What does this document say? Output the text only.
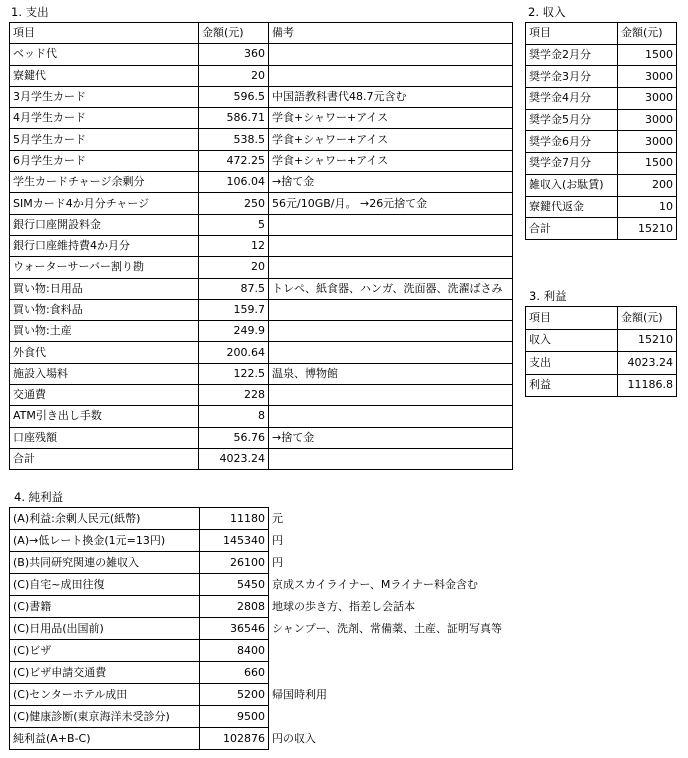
1. 支出
項目	金額(元)	備考
ベッド代	360	
寮鍵代	20	
3月学生カード	596.5	中国語教科書代48.7元含む
4月学生カード	586.71	学食+シャワー+アイス
5月学生カード	538.5	学食+シャワー+アイス
6月学生カード	472.25	学食+シャワー+アイス
学生カードチャージ余剰分	106.04	→捨て金
SIMカード4か月分チャージ	250	56元/10GB/月。 →26元捨て金
銀行口座開設料金	5	
銀行口座維持費4か月分	12	
ウォーターサーバー割り勘	20	
買い物:日用品	87.5	トレペ、紙食器、ハンガ、洗面器、洗濯ばさみ
買い物:食料品	159.7	
買い物:土産	249.9	
外食代	200.64	
施設入場料	122.5	温泉、博物館
交通費	228	
ATM引き出し手数	8	
口座残額	56.76	→捨て金
合計	4023.24	
2. 収入
項目	金額(元)
奨学金2月分	1500
奨学金3月分	3000
奨学金4月分	3000
奨学金5月分	3000
奨学金6月分	3000
奨学金7月分	1500
雑収入(お駄賃)	200
寮鍵代返金	10
合計	15210
3. 利益
項目	金額(元)
収入	15210
支出	4023.24
利益	11186.8
4. 純利益
(A)利益:余剰人民元(紙幣)	11180	元
(A)→低レート換金(1元=13円)	145340	円
(B)共同研究関連の雑収入	26100	円
(C)自宅~成田往復	5450	京成スカイライナー、Mライナー料金含む
(C)書籍	2808	地球の歩き方、指差し会話本
(C)日用品(出国前)	36546	シャンプー、洗剤、常備薬、土産、証明写真等
(C)ビザ	8400	
(C)ビザ申請交通費	660	
(C)センターホテル成田	5200	帰国時利用
(C)健康診断(東京海洋未受診分)	9500	
純利益(A+B-C)	102876	円の収入
